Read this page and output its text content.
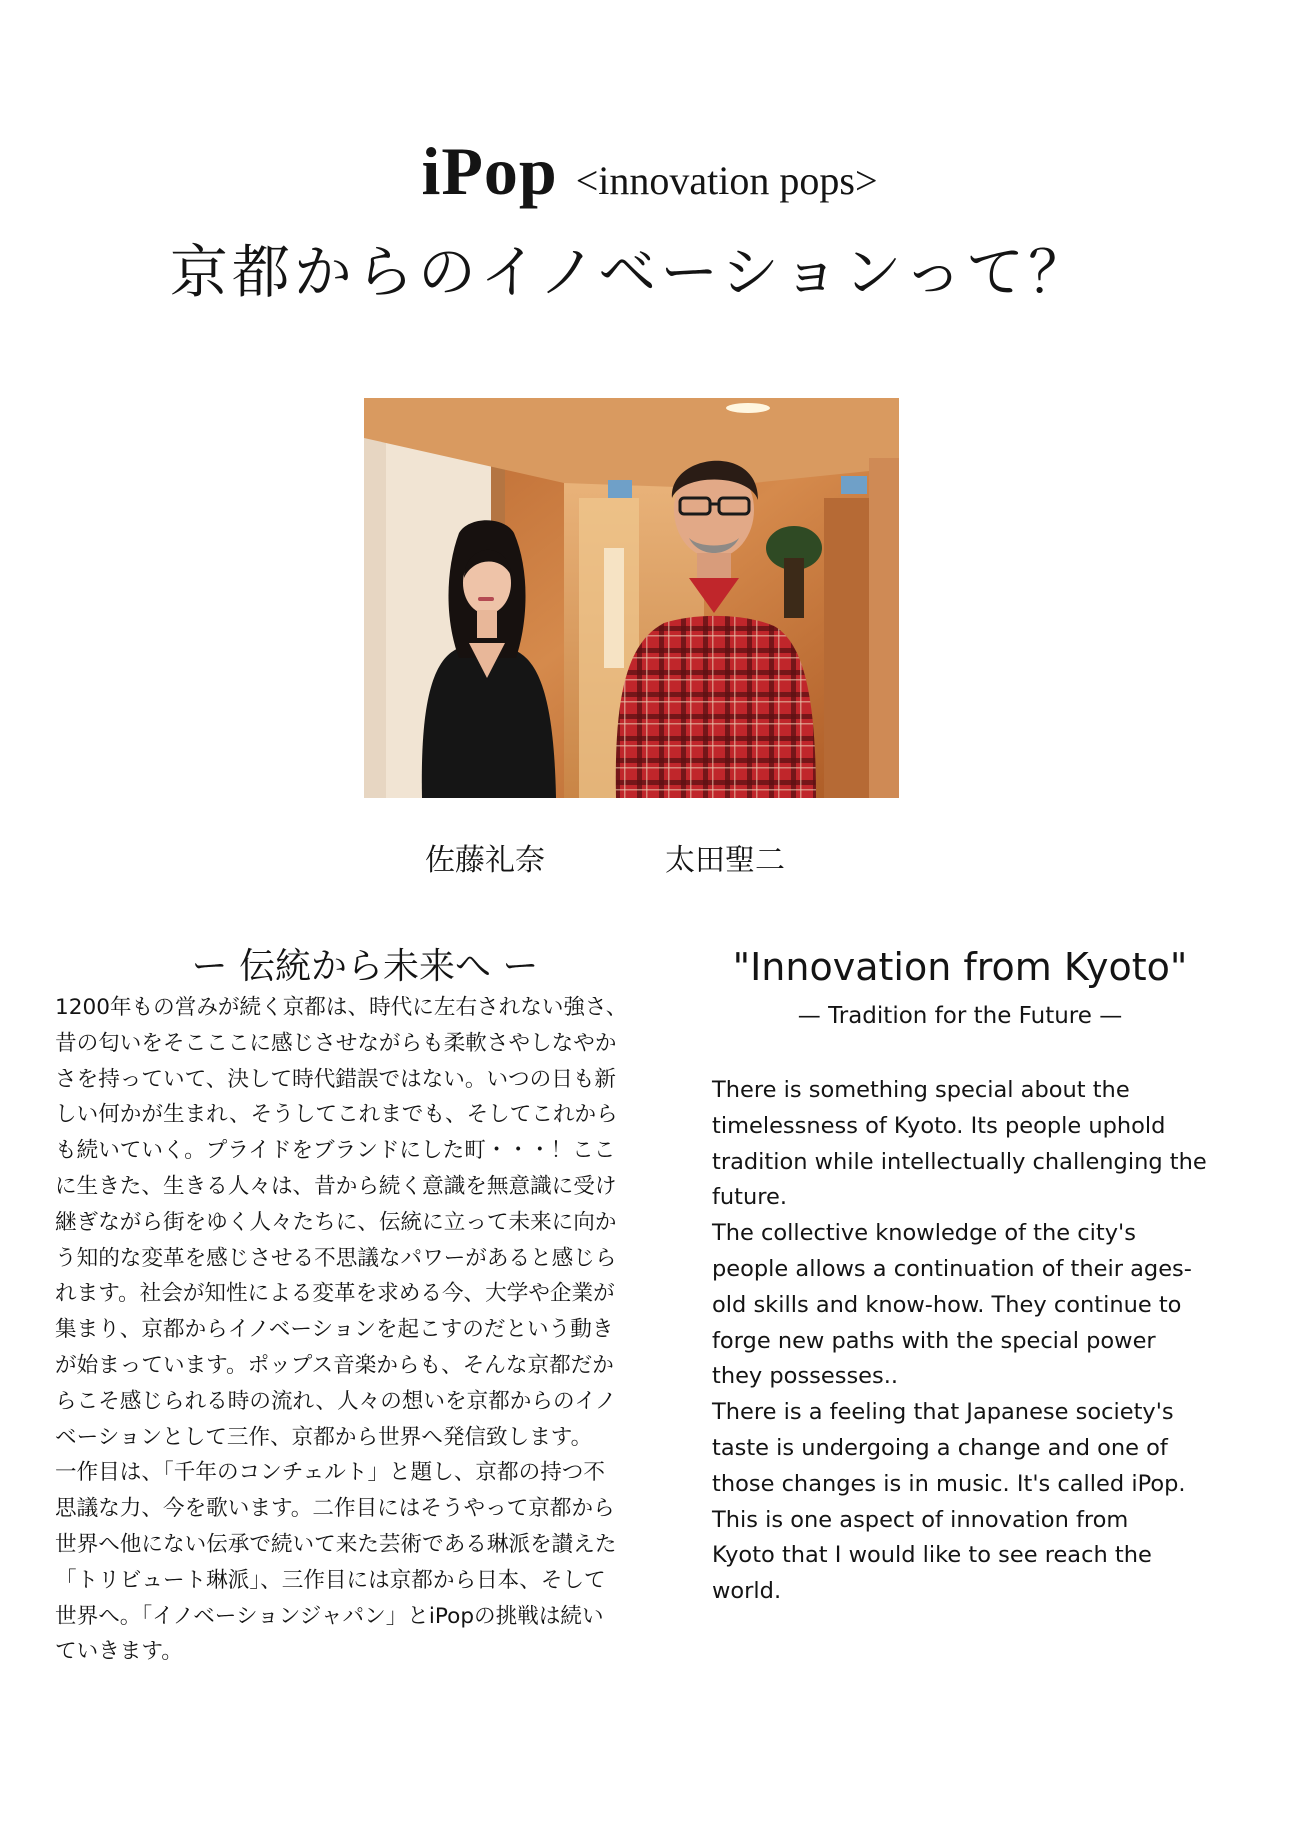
iPop <innovation pops>
京都からのイノベーションって？
佐藤礼奈	太田聖二
ー 伝統から未来へ ー
1200年もの営みが続く京都は、時代に左右されない強さ、
昔の匂いをそこここに感じさせながらも柔軟さやしなやか
さを持っていて、決して時代錯誤ではない。いつの日も新
しい何かが生まれ、そうしてこれまでも、そしてこれから
も続いていく。プライドをブランドにした町・・・！ここ
に生きた、生きる人々は、昔から続く意識を無意識に受け
継ぎながら街をゆく人々たちに、伝統に立って未来に向か
う知的な変革を感じさせる不思議なパワーがあると感じら
れます。社会が知性による変革を求める今、大学や企業が
集まり、京都からイノベーションを起こすのだという動き
が始まっています。ポップス音楽からも、そんな京都だか
らこそ感じられる時の流れ、人々の想いを京都からのイノ
ベーションとして三作、京都から世界へ発信致します。
一作目は、「千年のコンチェルト」と題し、京都の持つ不
思議な力、今を歌います。二作目にはそうやって京都から
世界へ他にない伝承で続いて来た芸術である琳派を讃えた
「トリビュート琳派」、三作目には京都から日本、そして
世界へ。「イノベーションジャパン」とiPopの挑戦は続い
ていきます。
"Innovation from Kyoto"
— Tradition for the Future —
There is something special about the
timelessness of Kyoto. Its people uphold
tradition while intellectually challenging the
future.
The collective knowledge of the city's
people allows a continuation of their ages-
old skills and know-how. They continue to
forge new paths with the special power
they possesses..
There is a feeling that Japanese society's
taste is undergoing a change and one of
those changes is in music. It's called iPop.
This is one aspect of innovation from
Kyoto that I would like to see reach the
world.
